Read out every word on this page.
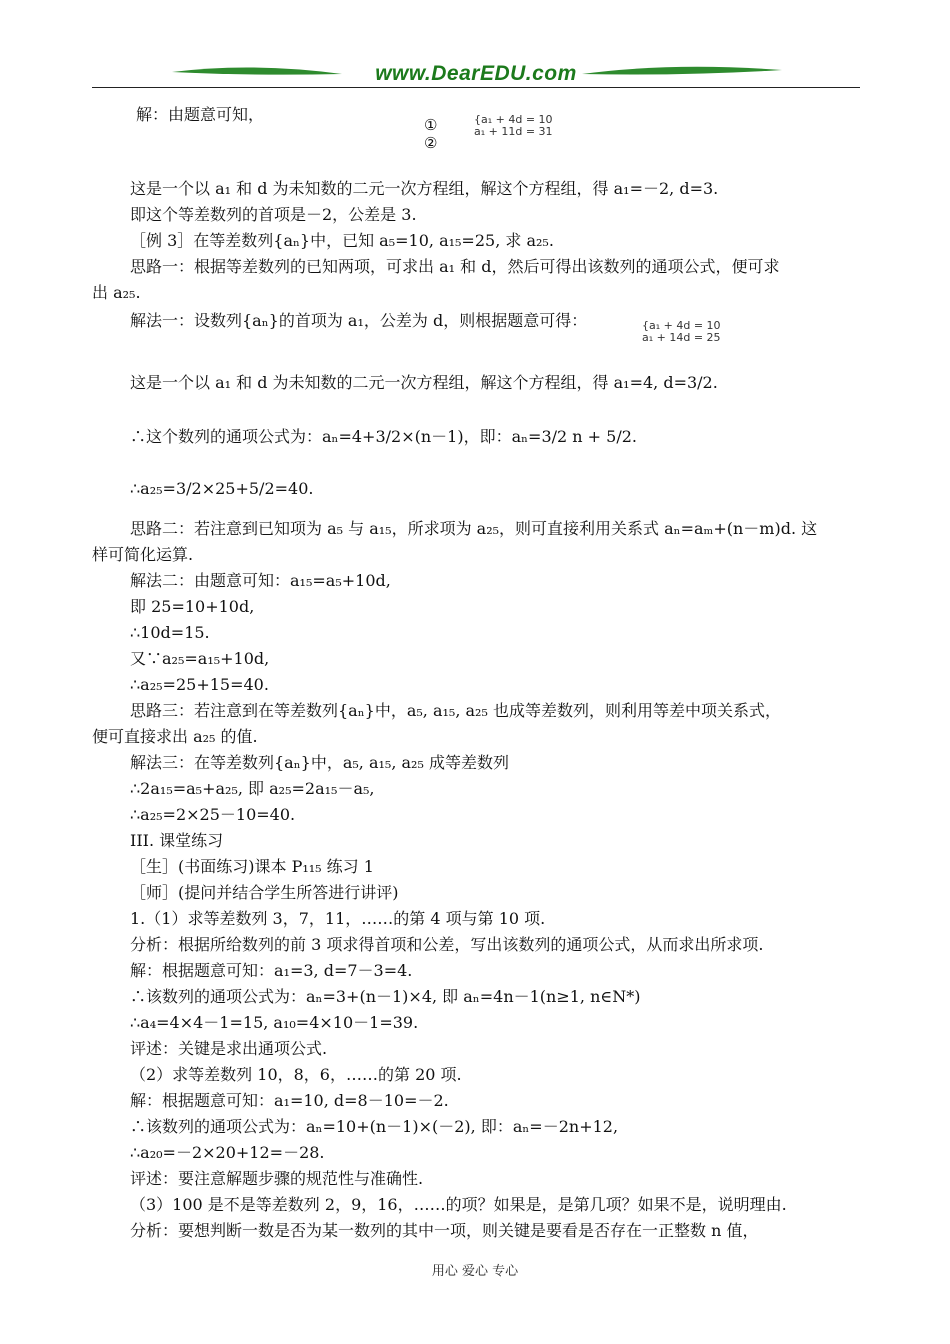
www.DearEDU.com
解：由题意可知，
①
②
{a₁ + 4d = 10
a₁ + 11d = 31
这是一个以 a₁ 和 d 为未知数的二元一次方程组，解这个方程组，得 a₁=－2, d=3.
即这个等差数列的首项是－2，公差是 3.
［例 3］在等差数列{aₙ}中，已知 a₅=10, a₁₅=25, 求 a₂₅.
思路一：根据等差数列的已知两项，可求出 a₁ 和 d，然后可得出该数列的通项公式，便可求
出 a₂₅.
解法一：设数列{aₙ}的首项为 a₁，公差为 d，则根据题意可得：	{a₁ + 4d = 10
a₁ + 14d = 25
这是一个以 a₁ 和 d 为未知数的二元一次方程组，解这个方程组，得 a₁=4, d=3/2.
∴这个数列的通项公式为：aₙ=4+3/2×(n－1)，即：aₙ=3/2 n + 5/2.
∴a₂₅=3/2×25+5/2=40.
思路二：若注意到已知项为 a₅ 与 a₁₅，所求项为 a₂₅，则可直接利用关系式 aₙ=aₘ+(n－m)d. 这
样可简化运算.
解法二：由题意可知：a₁₅=a₅+10d,
即 25=10+10d,
∴10d=15.
又∵a₂₅=a₁₅+10d,
∴a₂₅=25+15=40.
思路三：若注意到在等差数列{aₙ}中，a₅, a₁₅, a₂₅ 也成等差数列，则利用等差中项关系式，
便可直接求出 a₂₅ 的值.
解法三：在等差数列{aₙ}中，a₅, a₁₅, a₂₅ 成等差数列
∴2a₁₅=a₅+a₂₅, 即 a₂₅=2a₁₅－a₅,
∴a₂₅=2×25－10=40.
III. 课堂练习
［生］(书面练习)课本 P₁₁₅ 练习 1
［师］(提问并结合学生所答进行讲评)
1.（1）求等差数列 3，7，11，……的第 4 项与第 10 项.
分析：根据所给数列的前 3 项求得首项和公差，写出该数列的通项公式，从而求出所求项.
解：根据题意可知：a₁=3, d=7－3=4.
∴该数列的通项公式为：aₙ=3+(n－1)×4, 即 aₙ=4n－1(n≥1, n∈N*)
∴a₄=4×4－1=15, a₁₀=4×10－1=39.
评述：关键是求出通项公式.
（2）求等差数列 10，8，6，……的第 20 项.
解：根据题意可知：a₁=10, d=8－10=－2.
∴该数列的通项公式为：aₙ=10+(n－1)×(－2), 即：aₙ=－2n+12,
∴a₂₀=－2×20+12=－28.
评述：要注意解题步骤的规范性与准确性.
（3）100 是不是等差数列 2，9，16，……的项？如果是，是第几项？如果不是，说明理由.
分析：要想判断一数是否为某一数列的其中一项，则关键是要看是否存在一正整数 n 值，
用心 爱心 专心
